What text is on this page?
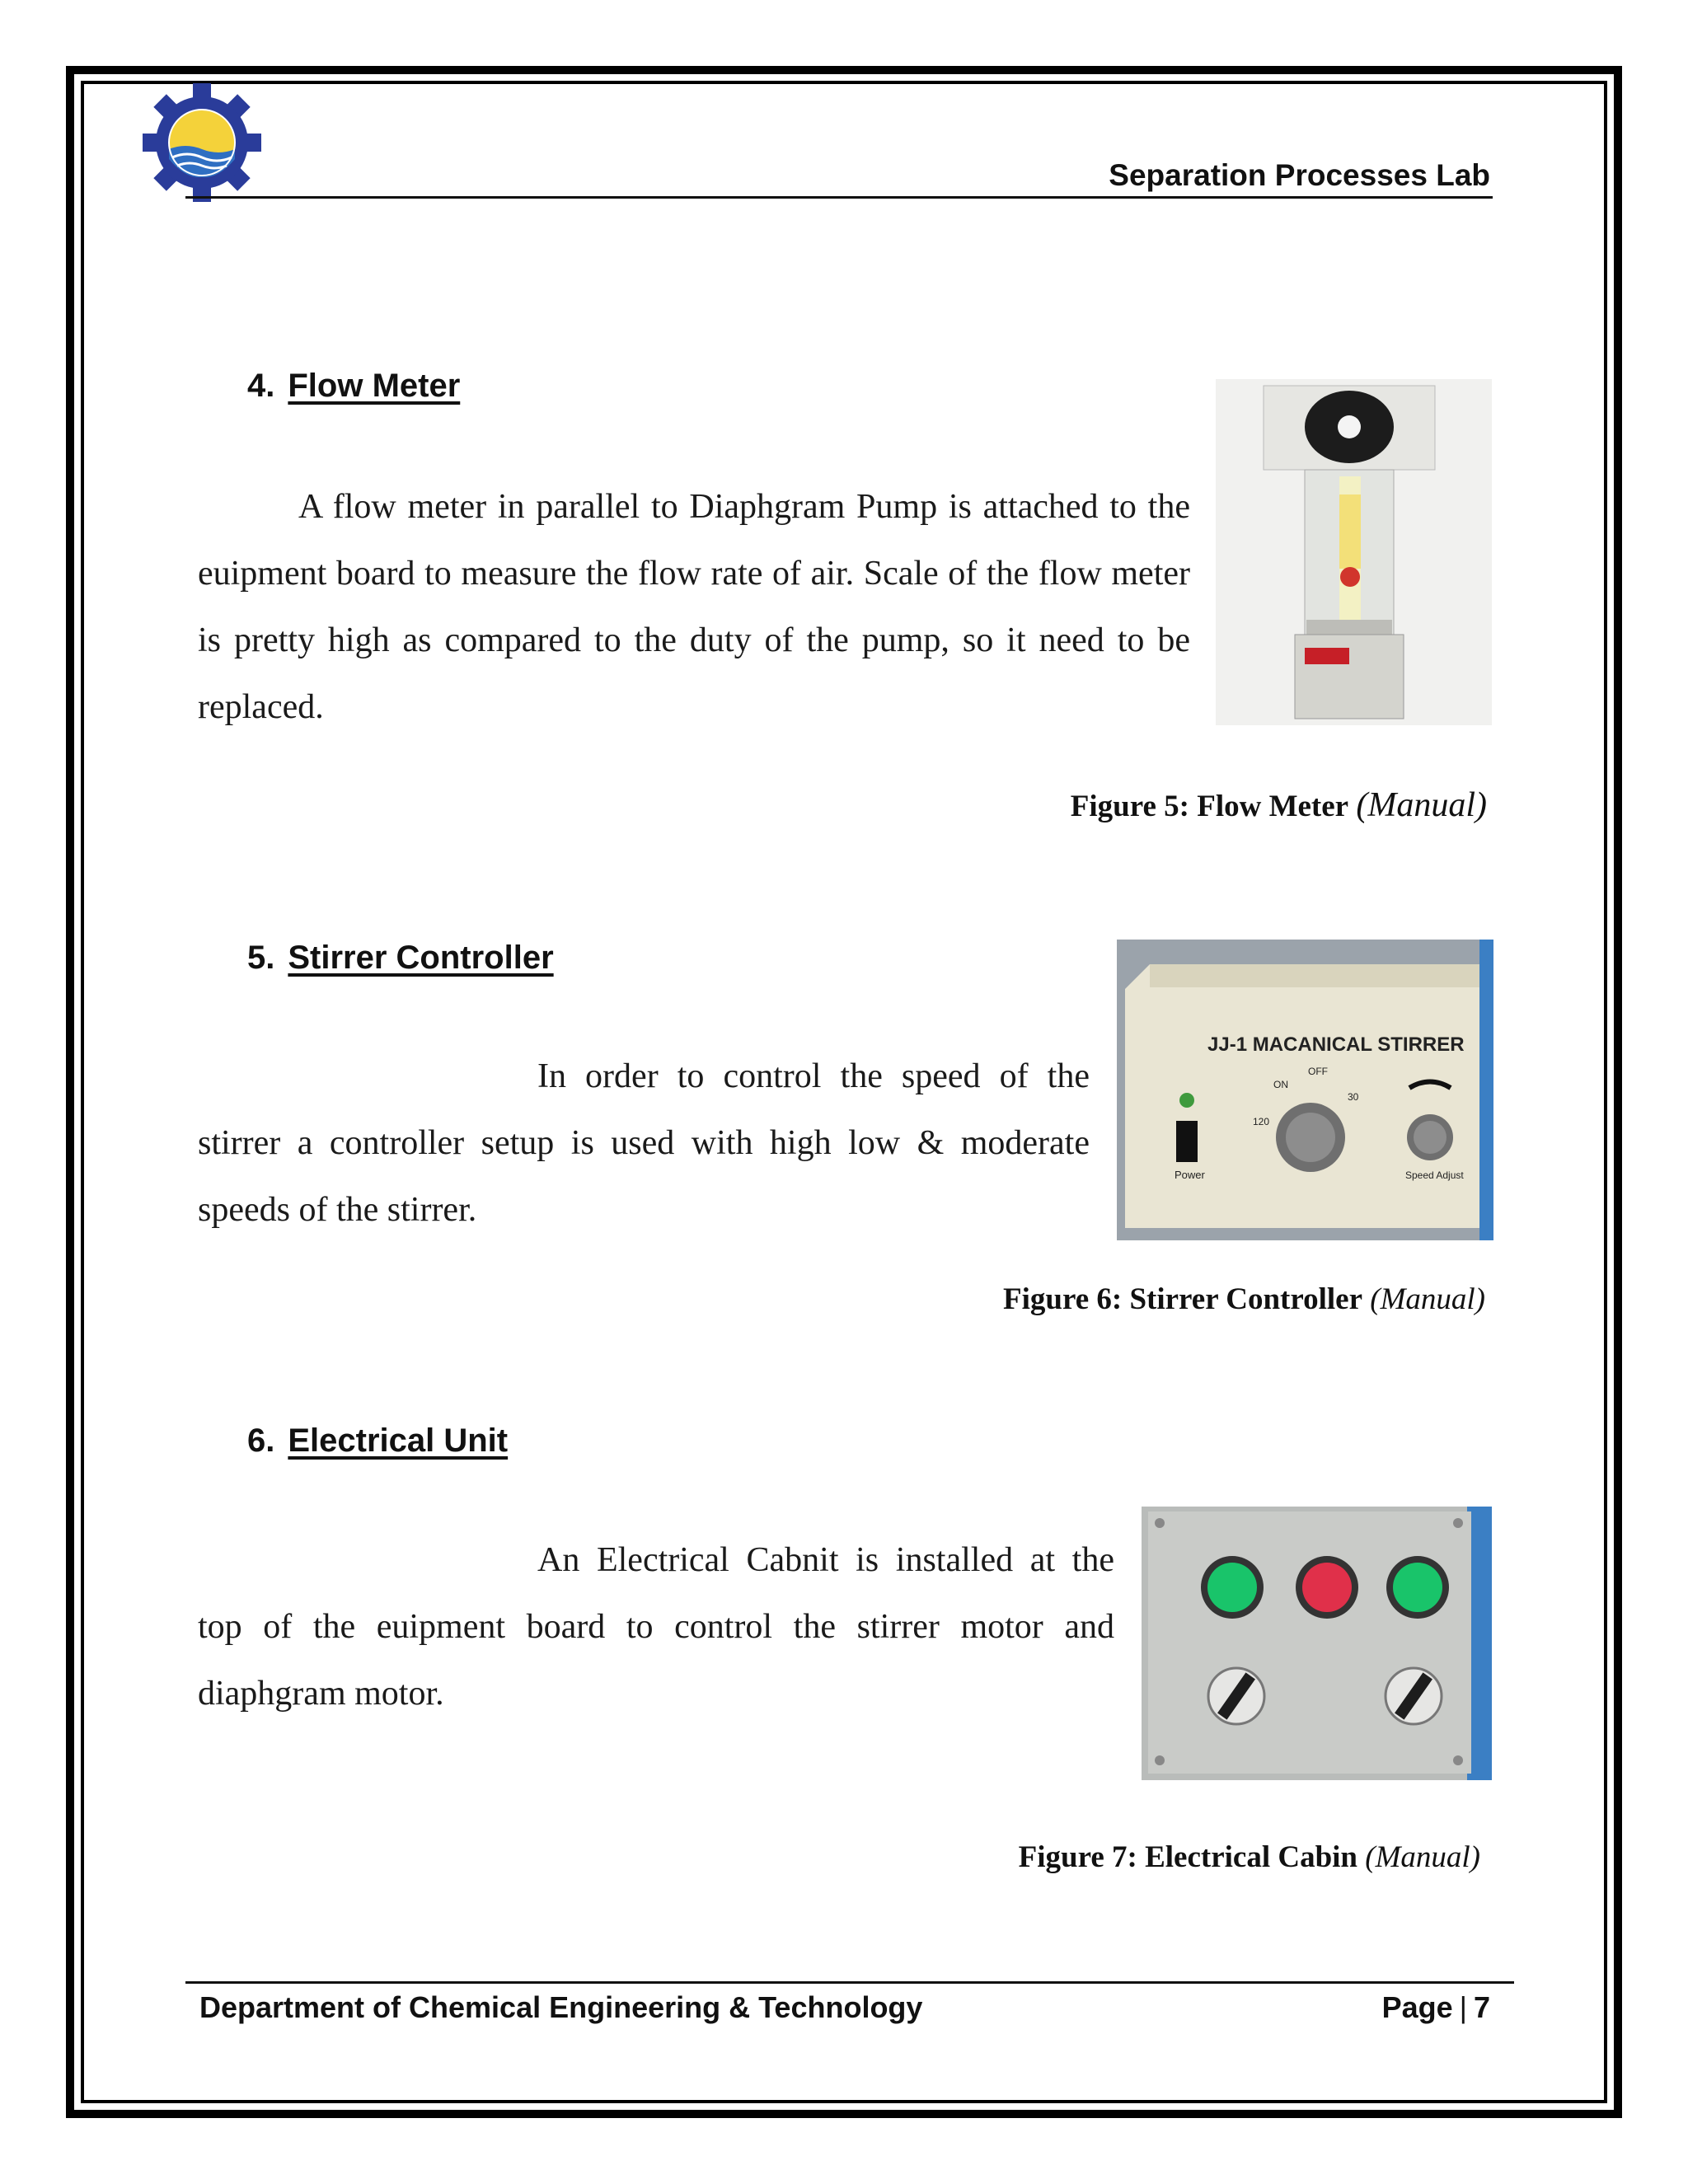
Separation Processes Lab
4. Flow Meter
A flow meter in parallel to Diaphgram Pump is attached to the euipment board to measure the flow rate of air. Scale of the flow meter is pretty high as compared to the duty of the pump, so it need to be replaced.
Figure 5: Flow Meter (Manual)
5. Stirrer Controller
In order to control the speed of the stirrer a controller setup is used with high low & moderate speeds of the stirrer.
JJ-1 MACANICAL STIRRER
Power
ON
OFF
120
30
Speed Adjust
Figure 6: Stirrer Controller (Manual)
6. Electrical Unit
An Electrical Cabnit is installed at the top of the euipment board to control the stirrer motor and diaphgram motor.
Figure 7: Electrical Cabin (Manual)
Department of Chemical Engineering & Technology	Page | 7
